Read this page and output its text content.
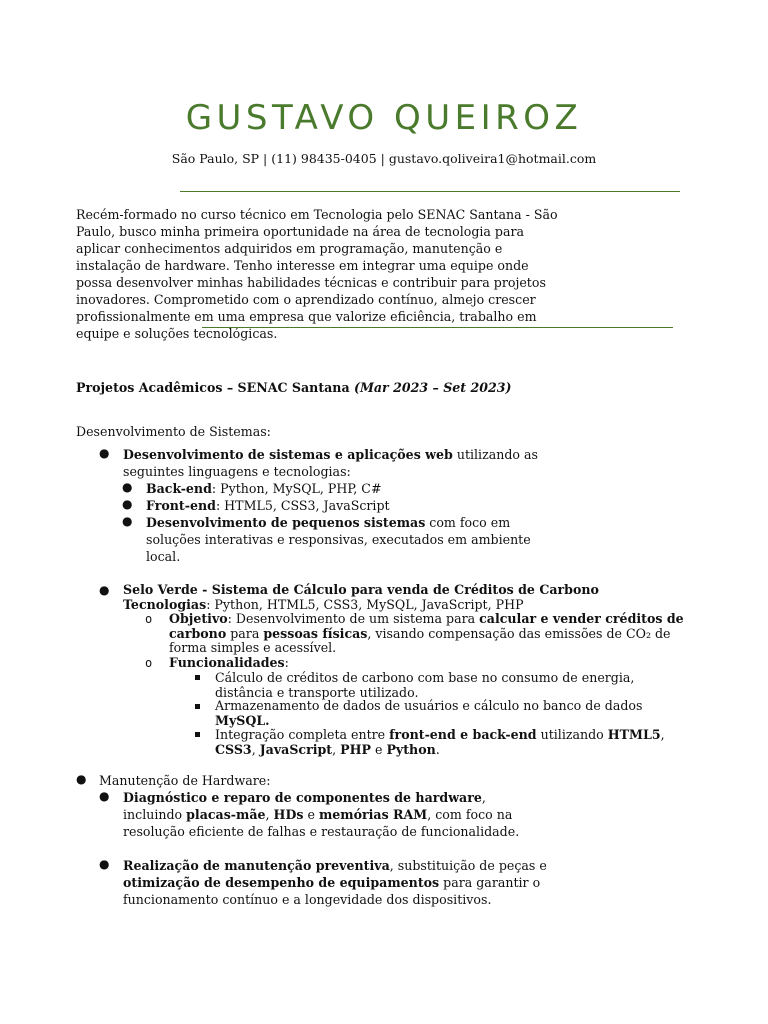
GUSTAVO QUEIROZ
São Paulo, SP | (11) 98435-0405 | gustavo.qoliveira1@hotmail.com
Recém-formado no curso técnico em Tecnologia pelo SENAC Santana - São Paulo, busco minha primeira oportunidade na área de tecnologia para aplicar conhecimentos adquiridos em programação, manutenção e instalação de hardware. Tenho interesse em integrar uma equipe onde possa desenvolver minhas habilidades técnicas e contribuir para projetos inovadores. Comprometido com o aprendizado contínuo, almejo crescer profissionalmente em uma empresa que valorize eficiência, trabalho em equipe e soluções tecnológicas.
Projetos Acadêmicos – SENAC Santana (Mar 2023 – Set 2023)
Desenvolvimento de Sistemas:
● Desenvolvimento de sistemas e aplicações web utilizando as seguintes linguagens e tecnologias:
● Back-end: Python, MySQL, PHP, C#
● Front-end: HTML5, CSS3, JavaScript
● Desenvolvimento de pequenos sistemas com foco em soluções interativas e responsivas, executados em ambiente local.
● Selo Verde - Sistema de Cálculo para venda de Créditos de Carbono
Tecnologias: Python, HTML5, CSS3, MySQL, JavaScript, PHP
o Objetivo: Desenvolvimento de um sistema para calcular e vender créditos de carbono para pessoas físicas, visando compensação das emissões de CO₂ de forma simples e acessível.
o Funcionalidades:
Cálculo de créditos de carbono com base no consumo de energia, distância e transporte utilizado.
Armazenamento de dados de usuários e cálculo no banco de dados MySQL.
Integração completa entre front-end e back-end utilizando HTML5, CSS3, JavaScript, PHP e Python.
● Manutenção de Hardware:
● Diagnóstico e reparo de componentes de hardware, incluindo placas-mãe, HDs e memórias RAM, com foco na resolução eficiente de falhas e restauração de funcionalidade.
● Realização de manutenção preventiva, substituição de peças e otimização de desempenho de equipamentos para garantir o funcionamento contínuo e a longevidade dos dispositivos.
